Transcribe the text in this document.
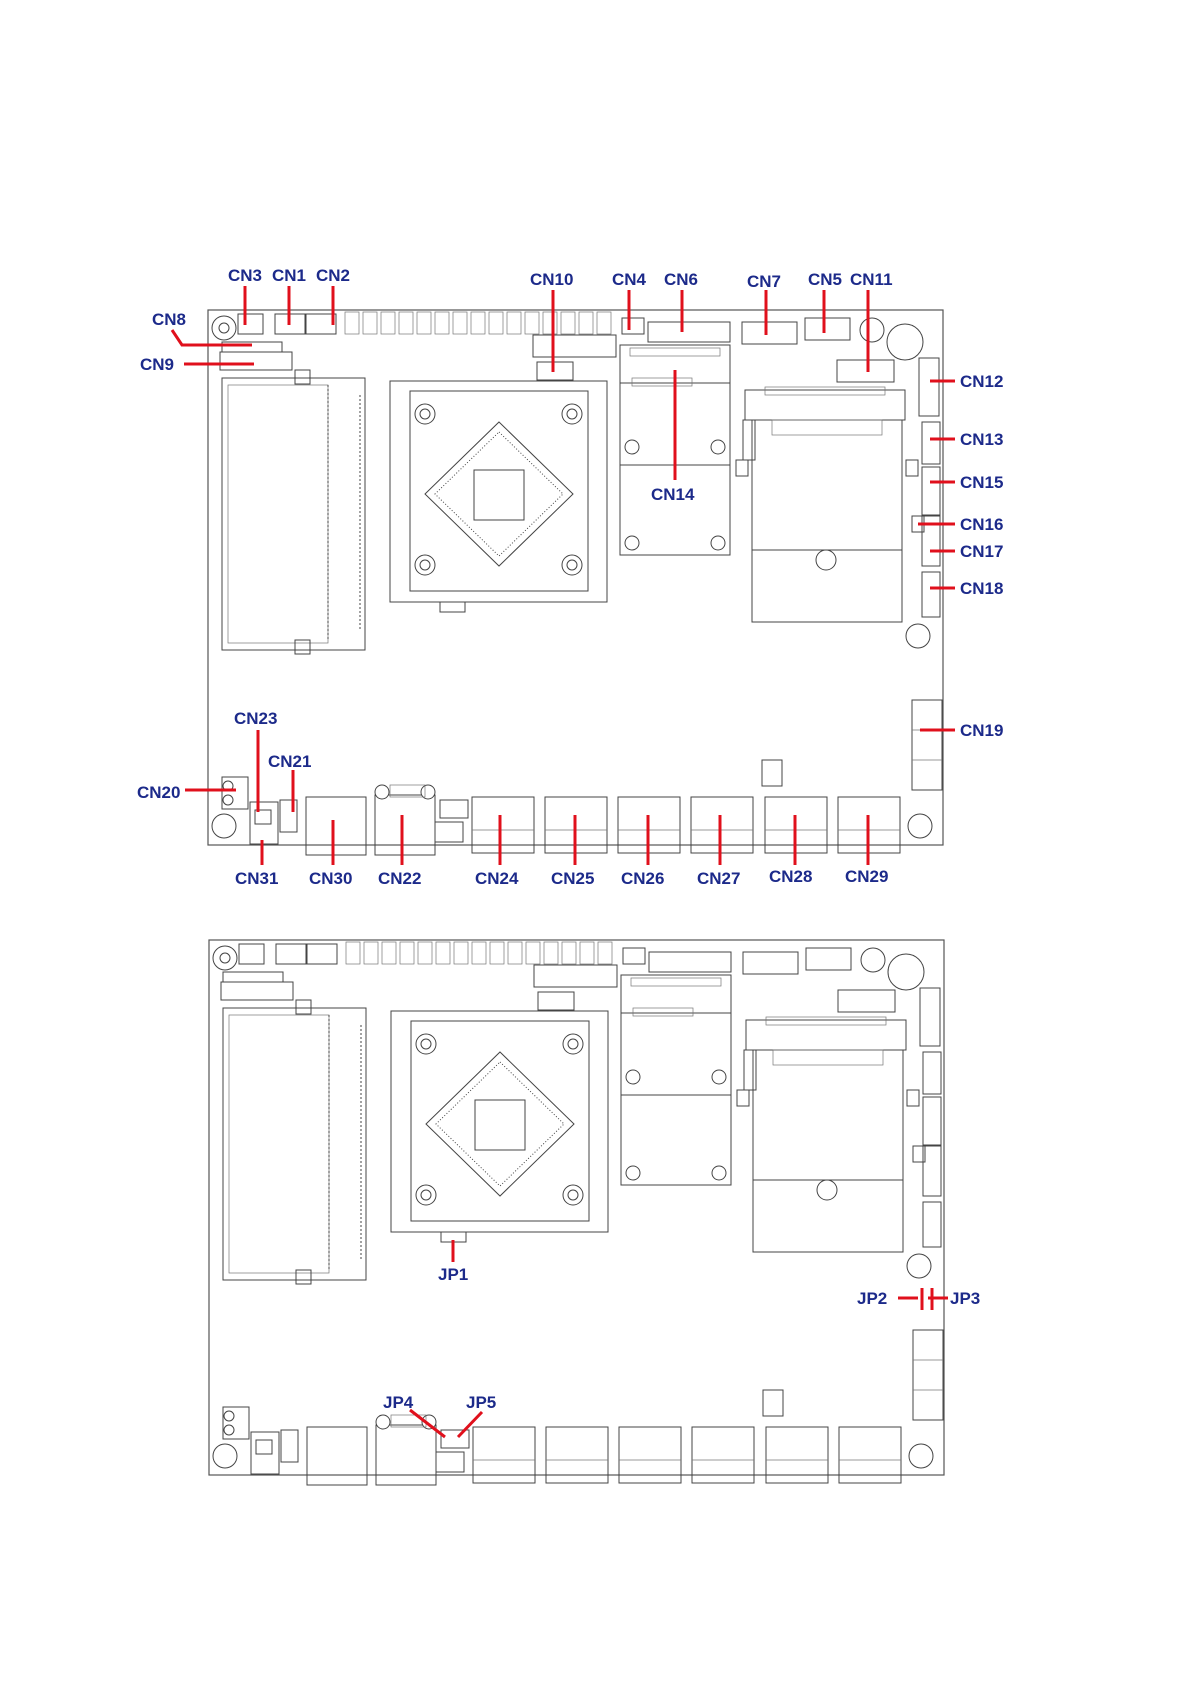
CN3 CN1 CN2
CN8
CN9
CN10 CN4 CN6	CN7 CN5 CN11
CN14
CN12
CN13
CN15
CN16
CN17
CN18
CN19
CN23
CN21
CN20
CN31 CN30 CN22	CN24 CN25 CN26 CN27 CN28 CN29
JP1
JP2	JP3
JP4	JP5
